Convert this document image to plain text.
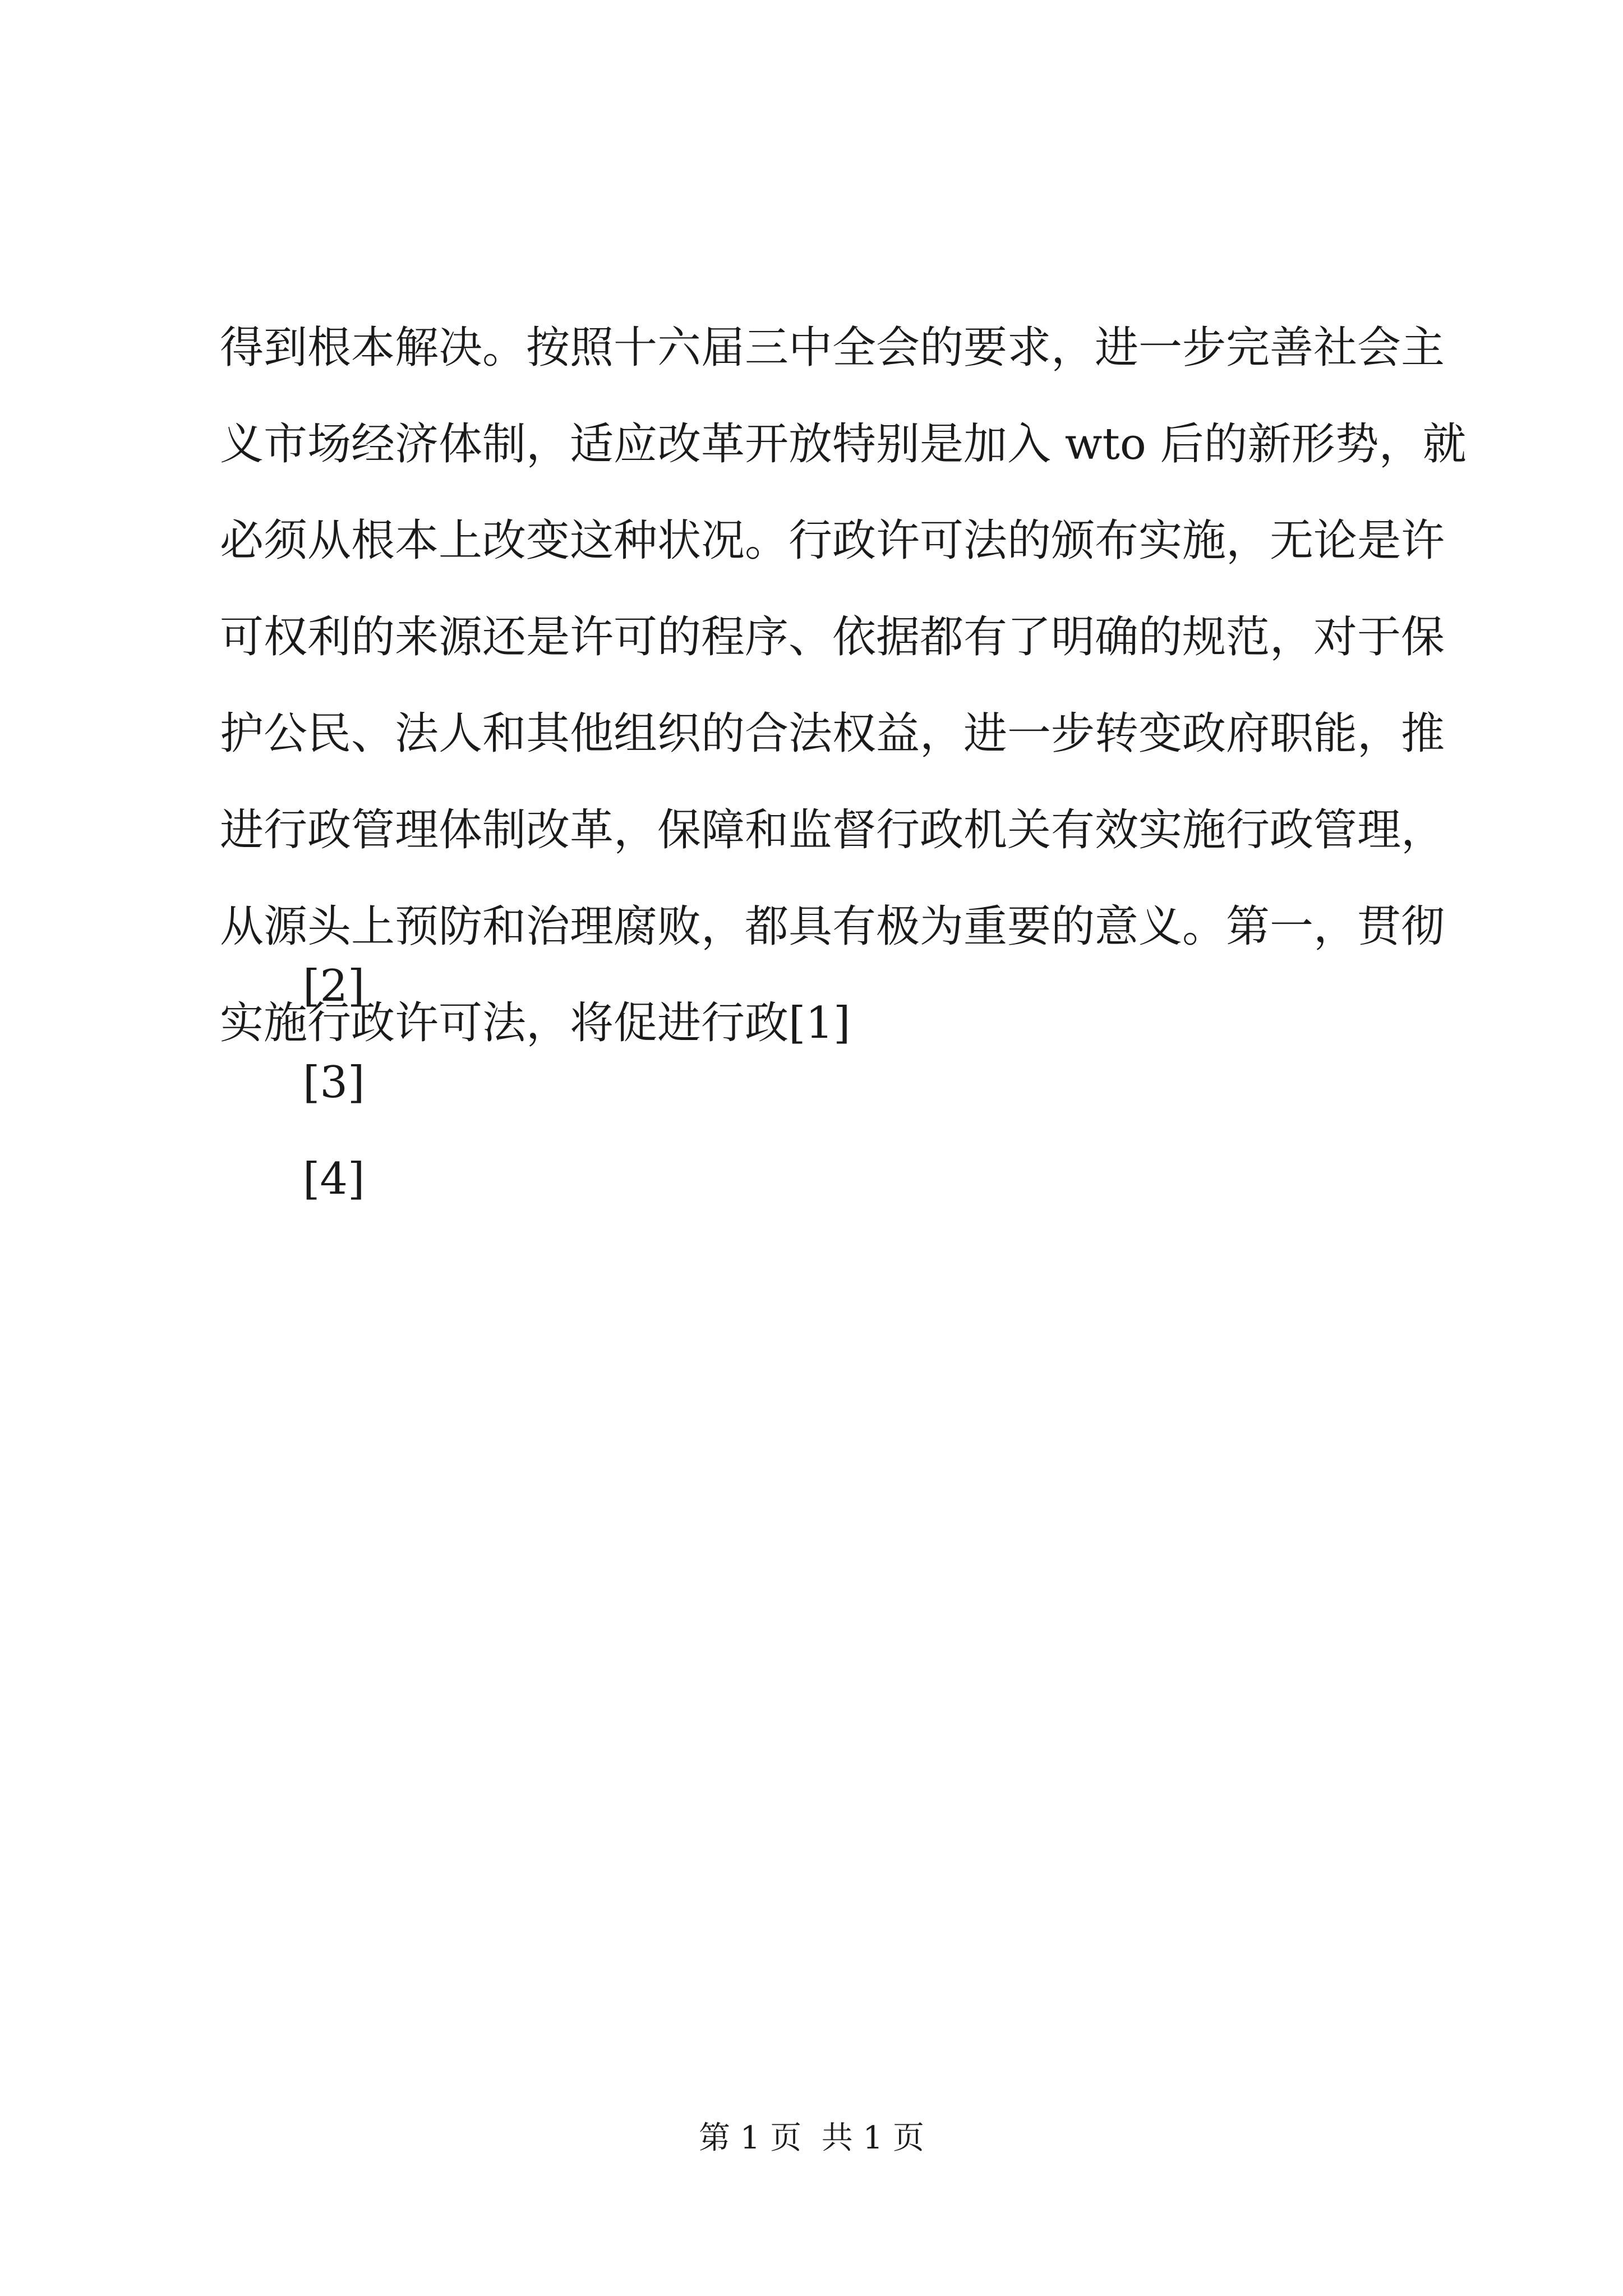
得到根本解决。按照十六届三中全会的要求，进一步完善社会主
义市场经济体制，适应改革开放特别是加入 wto 后的新形势，就
必须从根本上改变这种状况。行政许可法的颁布实施，无论是许
可权利的来源还是许可的程序、依据都有了明确的规范，对于保
护公民、法人和其他组织的合法权益，进一步转变政府职能，推
进行政管理体制改革，保障和监督行政机关有效实施行政管理，
从源头上预防和治理腐败，都具有极为重要的意义。第一，贯彻
实施行政许可法，将促进行政[1]
[2]
[3]
[4]
第 1 页  共 1 页
